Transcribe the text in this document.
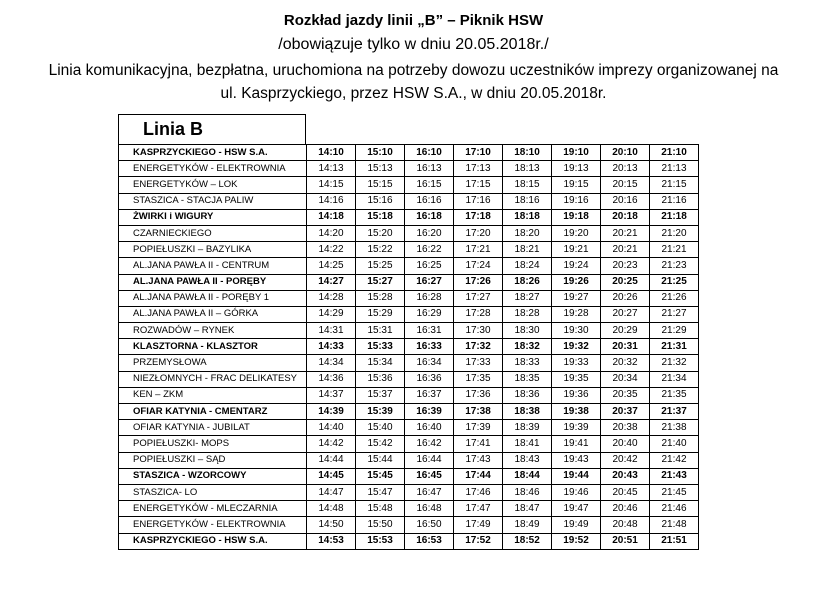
Rozkład jazdy linii „B” – Piknik HSW
/obowiązuje tylko w dniu 20.05.2018r./
Linia komunikacyjna, bezpłatna, uruchomiona na potrzeby dowozu uczestników imprezy organizowanej na
ul. Kasprzyckiego, przez HSW S.A., w dniu 20.05.2018r.
Linia B
KASPRZYCKIEGO - HSW S.A.	14:10	15:10	16:10	17:10	18:10	19:10	20:10	21:10
ENERGETYKÓW - ELEKTROWNIA	14:13	15:13	16:13	17:13	18:13	19:13	20:13	21:13
ENERGETYKÓW – LOK	14:15	15:15	16:15	17:15	18:15	19:15	20:15	21:15
STASZICA - STACJA PALIW	14:16	15:16	16:16	17:16	18:16	19:16	20:16	21:16
ŻWIRKI i WIGURY	14:18	15:18	16:18	17:18	18:18	19:18	20:18	21:18
CZARNIECKIEGO	14:20	15:20	16:20	17:20	18:20	19:20	20:21	21:20
POPIEŁUSZKI – BAZYLIKA	14:22	15:22	16:22	17:21	18:21	19:21	20:21	21:21
AL.JANA PAWŁA II - CENTRUM	14:25	15:25	16:25	17:24	18:24	19:24	20:23	21:23
AL.JANA PAWŁA II - PORĘBY	14:27	15:27	16:27	17:26	18:26	19:26	20:25	21:25
AL.JANA PAWŁA II - PORĘBY 1	14:28	15:28	16:28	17:27	18:27	19:27	20:26	21:26
AL.JANA PAWŁA II – GÓRKA	14:29	15:29	16:29	17:28	18:28	19:28	20:27	21:27
ROZWADÓW – RYNEK	14:31	15:31	16:31	17:30	18:30	19:30	20:29	21:29
KLASZTORNA - KLASZTOR	14:33	15:33	16:33	17:32	18:32	19:32	20:31	21:31
PRZEMYSŁOWA	14:34	15:34	16:34	17:33	18:33	19:33	20:32	21:32
NIEZŁOMNYCH - FRAC DELIKATESY	14:36	15:36	16:36	17:35	18:35	19:35	20:34	21:34
KEN – ZKM	14:37	15:37	16:37	17:36	18:36	19:36	20:35	21:35
OFIAR KATYNIA - CMENTARZ	14:39	15:39	16:39	17:38	18:38	19:38	20:37	21:37
OFIAR KATYNIA - JUBILAT	14:40	15:40	16:40	17:39	18:39	19:39	20:38	21:38
POPIEŁUSZKI- MOPS	14:42	15:42	16:42	17:41	18:41	19:41	20:40	21:40
POPIEŁUSZKI – SĄD	14:44	15:44	16:44	17:43	18:43	19:43	20:42	21:42
STASZICA - WZORCOWY	14:45	15:45	16:45	17:44	18:44	19:44	20:43	21:43
STASZICA- LO	14:47	15:47	16:47	17:46	18:46	19:46	20:45	21:45
ENERGETYKÓW - MLECZARNIA	14:48	15:48	16:48	17:47	18:47	19:47	20:46	21:46
ENERGETYKÓW - ELEKTROWNIA	14:50	15:50	16:50	17:49	18:49	19:49	20:48	21:48
KASPRZYCKIEGO - HSW S.A.	14:53	15:53	16:53	17:52	18:52	19:52	20:51	21:51
